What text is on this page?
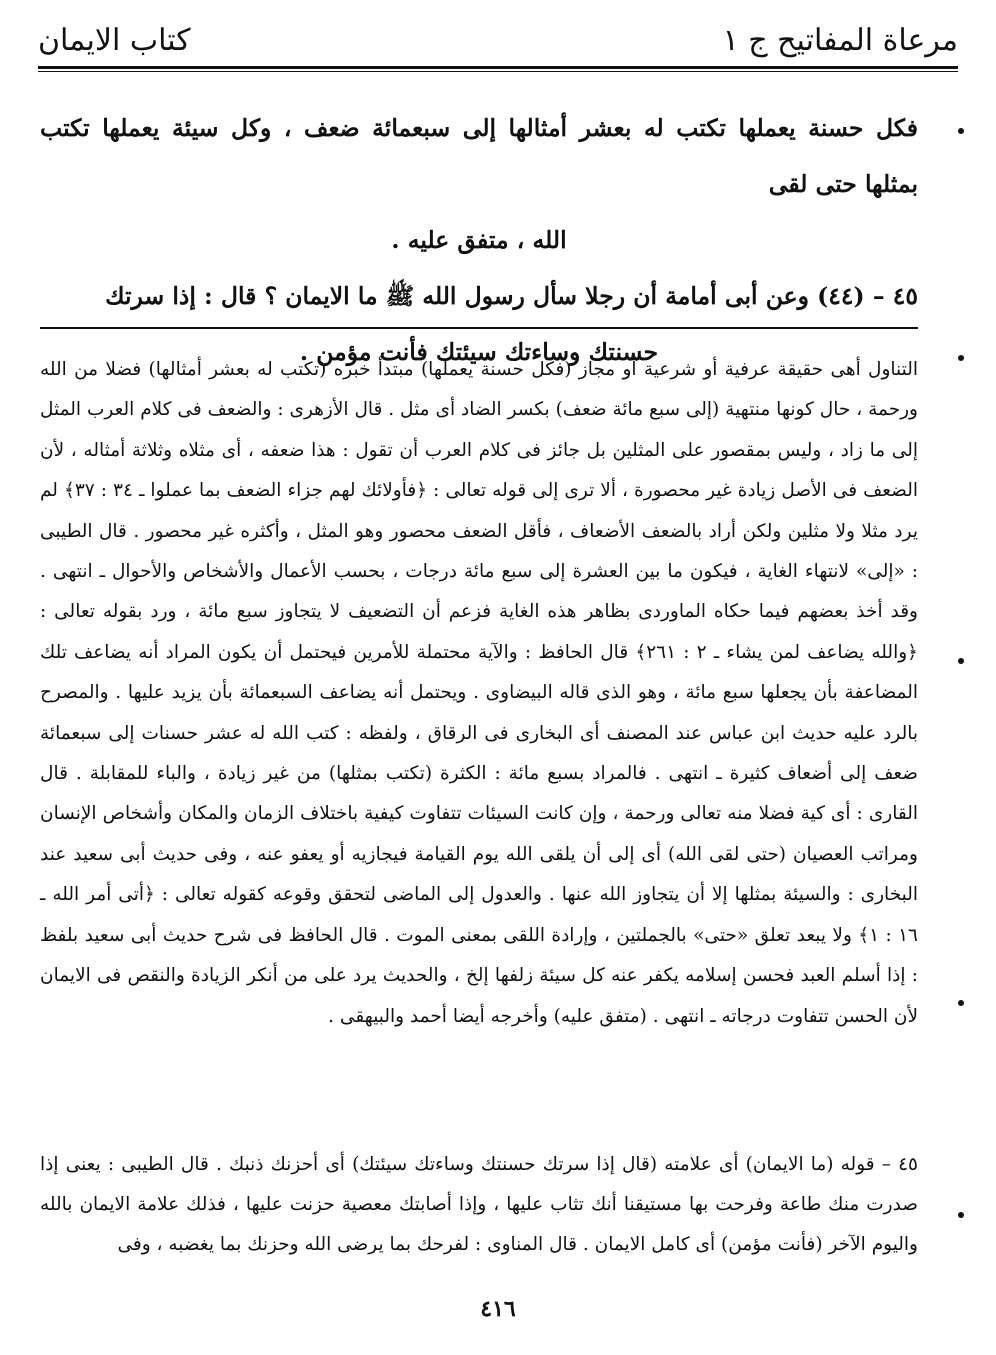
مرعاة المفاتيح ج ١
كتاب الايمان

فكل حسنة يعملها تكتب له بعشر أمثالها إلى سبعمائة ضعف ، وكل سيئة يعملها تكتب بمثلها حتى لقى

الله ، متفق عليه .

٤٥ – (٤٤) وعن أبى أمامة أن رجلا سأل رسول الله ﷺ ما الايمان ؟ قال : إذا سرتك

حسنتك وساءتك سيئتك فأنت مؤمن .

التناول أهى حقيقة عرفية أو شرعية أو مجاز (فكل حسنة يعملها) مبتدأ خبره (تكتب له بعشر أمثالها) فضلا من الله ورحمة ، حال كونها منتهية (إلى سبع مائة ضعف) بكسر الضاد أى مثل . قال الأزهرى : والضعف فى كلام العرب المثل إلى ما زاد ، وليس بمقصور على المثلين بل جائز فى كلام العرب أن تقول : هذا ضعفه ، أى مثلاه وثلاثة أمثاله ، لأن الضعف فى الأصل زيادة غير محصورة ، ألا ترى إلى قوله تعالى : ﴿فأولائك لهم جزاء الضعف بما عملوا ـ ٣٤ : ٣٧﴾ لم يرد مثلا ولا مثلين ولكن أراد بالضعف الأضعاف ، فأقل الضعف محصور وهو المثل ، وأكثره غير محصور . قال الطيبى : «إلى» لانتهاء الغاية ، فيكون ما بين العشرة إلى سبع مائة درجات ، بحسب الأعمال والأشخاص والأحوال ـ انتهى . وقد أخذ بعضهم فيما حكاه الماوردى بظاهر هذه الغاية فزعم أن التضعيف لا يتجاوز سبع مائة ، ورد بقوله تعالى : ﴿والله يضاعف لمن يشاء ـ ٢ : ٢٦١﴾ قال الحافظ : والآية محتملة للأمرين فيحتمل أن يكون المراد أنه يضاعف تلك المضاعفة بأن يجعلها سبع مائة ، وهو الذى قاله البيضاوى . ويحتمل أنه يضاعف السبعمائة بأن يزيد عليها . والمصرح بالرد عليه حديث ابن عباس عند المصنف أى البخارى فى الرقاق ، ولفظه : كتب الله له عشر حسنات إلى سبعمائة ضعف إلى أضعاف كثيرة ـ انتهى . فالمراد بسبع مائة : الكثرة (تكتب بمثلها) من غير زيادة ، والباء للمقابلة . قال القارى : أى كية فضلا منه تعالى ورحمة ، وإن كانت السيئات تتفاوت كيفية باختلاف الزمان والمكان وأشخاص الإنسان ومراتب العصيان (حتى لقى الله) أى إلى أن يلقى الله يوم القيامة فيجازيه أو يعفو عنه ، وفى حديث أبى سعيد عند البخارى : والسيئة بمثلها إلا أن يتجاوز الله عنها . والعدول إلى الماضى لتحقق وقوعه كقوله تعالى : ﴿أتى أمر الله ـ ١٦ : ١﴾ ولا يبعد تعلق «حتى» بالجملتين ، وإرادة اللقى بمعنى الموت . قال الحافظ فى شرح حديث أبى سعيد بلفظ : إذا أسلم العبد فحسن إسلامه يكفر عنه كل سيئة زلفها إلخ ، والحديث يرد على من أنكر الزيادة والنقص فى الايمان لأن الحسن تتفاوت درجاته ـ انتهى . (متفق عليه) وأخرجه أيضا أحمد والبيهقى .

٤٥ – قوله (ما الايمان) أى علامته (قال إذا سرتك حسنتك وساءتك سيئتك) أى أحزنك ذنبك . قال الطيبى : يعنى إذا صدرت منك طاعة وفرحت بها مستيقنا أنك تثاب عليها ، وإذا أصابتك معصية حزنت عليها ، فذلك علامة الايمان بالله واليوم الآخر (فأنت مؤمن) أى كامل الايمان . قال المناوى : لفرحك بما يرضى الله وحزنك بما يغضبه ، وفى

٤١٦
